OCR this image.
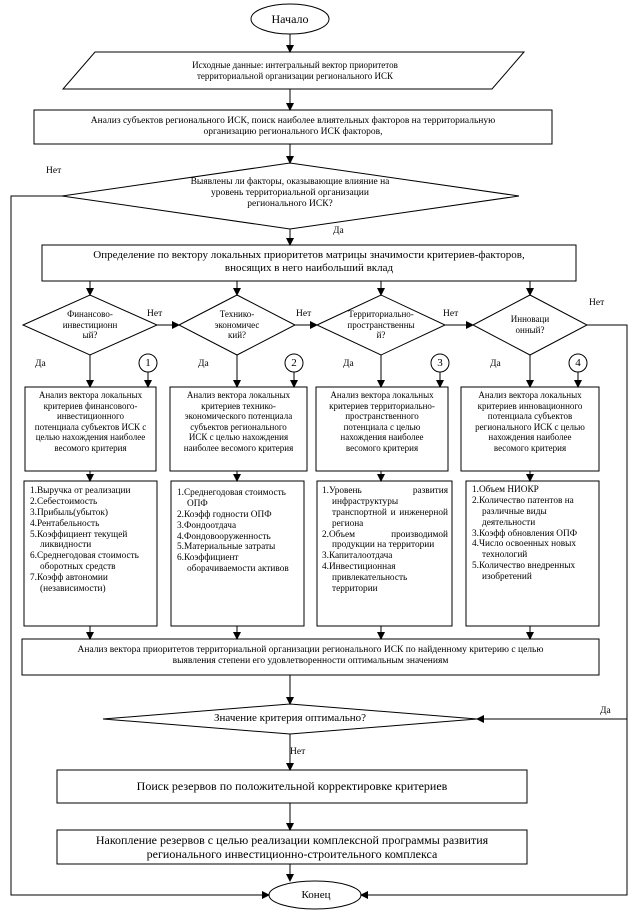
Начало
Исходные данные: интегральный вектор приоритетов
территориальной организации регионального ИСК
Анализ субъектов регионального ИСК, поиск наиболее влиятельных факторов на территориальную
организацию регионального ИСК факторов,
Выявлены ли факторы, оказывающие влияние на
уровень территориальной организации
регионального ИСК?
Нет
Да
Определение по вектору локальных приоритетов матрицы значимости критериев-факторов,
вносящих в него наибольший вклад
Финансово-
инвестиционн
ый?
Нет
Да	1
Анализ вектора локальных
критериев финансового-
инвестиционного
потенциала субъектов ИСК с
целью нахождения наиболее
весомого критерия
1.Выручка от реализации
2.Себестоимость
3.Прибыль(убыток)
4.Рентабельность
5.Коэффициент текущей ликвидности
6.Среднегодовая стоимость оборотных средств
7.Коэфф автономии (независимости)
Технико-
экономичес
кий?
Нет
Да	2
Анализ вектора локальных
критериев технико-
экономического потенциала
субъектов регионального
ИСК с целью нахождения
наиболее весомого критерия
1.Среднегодовая стоимость ОПФ
2.Коэфф годности ОПФ
3.Фондоотдача
4.Фондовооруженность
5.Материальные затраты
6.Коэффициент оборачиваемости активов
Территориально-
пространственны
й?
Нет
Да	3
Анализ вектора локальных
критериев территориально-
пространственного
потенциала с целью
нахождения наиболее
весомого критерия
1.Уровень развития инфраструктуры транспортной и инженерной региона
2.Объем производимой продукции на территории
3.Капиталоотдача
4.Инвестиционная привлекательность территории
Инноваци
онный?
Нет
Да	4
Анализ вектора локальных
критериев инновационного
потенциала субъектов
регионального ИСК с целью
нахождения наиболее
весомого критерия
1.Объем НИОКР
2.Количество патентов на различные виды деятельности
3.Коэфф обновления ОПФ
4.Число освоенных новых технологий
5.Количество внедренных изобретений
Анализ вектора приоритетов территориальной организации регионального ИСК по найденному критерию с целью
выявления степени его удовлетворенности оптимальным значениям
Значение критерия оптимально?
Нет
Да
Поиск резервов по положительной корректировке критериев
Накопление резервов с целью реализации комплексной программы развития
регионального инвестиционно-строительного комплекса
Конец
